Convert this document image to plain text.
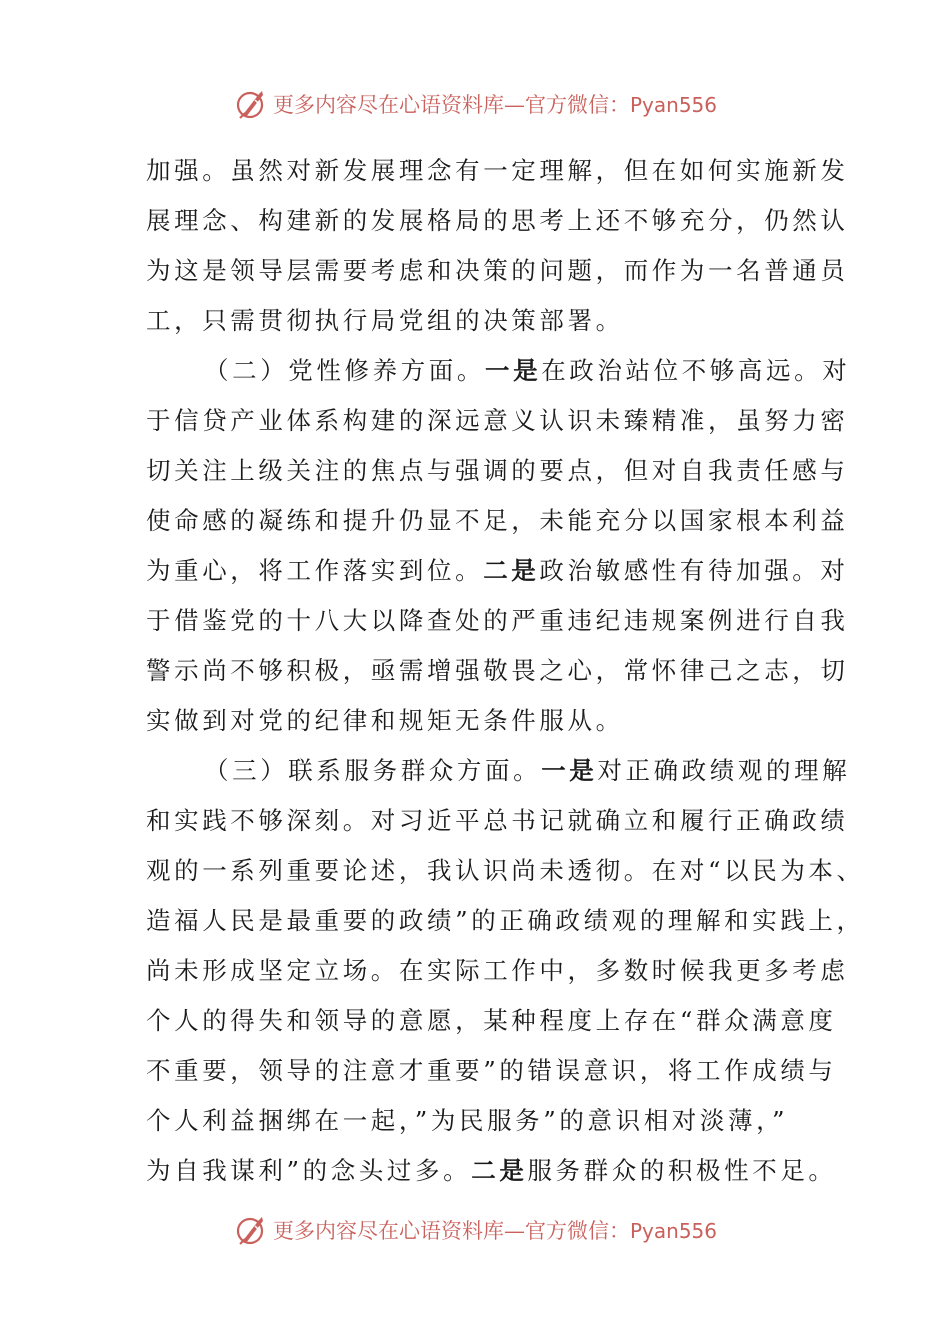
更多内容尽在心语资料库—官方微信：Pyan556
加强。虽然对新发展理念有一定理解，但在如何实施新发
展理念、构建新的发展格局的思考上还不够充分，仍然认
为这是领导层需要考虑和决策的问题，而作为一名普通员
工，只需贯彻执行局党组的决策部署。
（二）党性修养方面。一是在政治站位不够高远。对
于信贷产业体系构建的深远意义认识未臻精准，虽努力密
切关注上级关注的焦点与强调的要点，但对自我责任感与
使命感的凝练和提升仍显不足，未能充分以国家根本利益
为重心，将工作落实到位。二是政治敏感性有待加强。对
于借鉴党的十八大以降查处的严重违纪违规案例进行自我
警示尚不够积极，亟需增强敬畏之心，常怀律己之志，切
实做到对党的纪律和规矩无条件服从。
（三）联系服务群众方面。一是对正确政绩观的理解
和实践不够深刻。对习近平总书记就确立和履行正确政绩
观的一系列重要论述，我认识尚未透彻。在对“以民为本、
造福人民是最重要的政绩”的正确政绩观的理解和实践上，
尚未形成坚定立场。在实际工作中，多数时候我更多考虑
个人的得失和领导的意愿，某种程度上存在“群众满意度
不重要，领导的注意才重要”的错误意识，将工作成绩与
个人利益捆绑在一起，”为民服务”的意识相对淡薄，”
为自我谋利”的念头过多。二是服务群众的积极性不足。
更多内容尽在心语资料库—官方微信：Pyan556
